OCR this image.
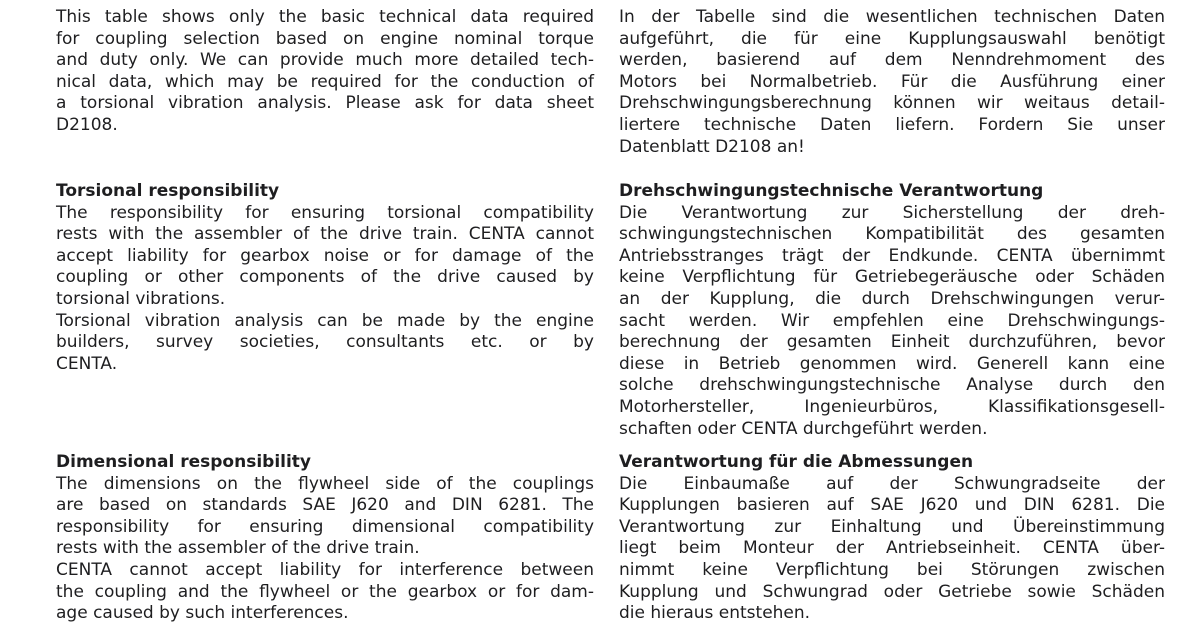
This table shows only the basic technical data required
for coupling selection based on engine nominal torque
and duty only. We can provide much more detailed tech-
nical data, which may be required for the conduction of
a torsional vibration analysis. Please ask for data sheet
D2108.
Torsional responsibility
The responsibility for ensuring torsional compatibility
rests with the assembler of the drive train. CENTA cannot
accept liability for gearbox noise or for damage of the
coupling or other components of the drive caused by
torsional vibrations.
Torsional vibration analysis can be made by the engine
builders, survey societies, consultants etc. or by
CENTA.
Dimensional responsibility
The dimensions on the flywheel side of the couplings
are based on standards SAE J620 and DIN 6281. The
responsibility for ensuring dimensional compatibility
rests with the assembler of the drive train.
CENTA cannot accept liability for interference between
the coupling and the flywheel or the gearbox or for dam-
age caused by such interferences.
In der Tabelle sind die wesentlichen technischen Daten
aufgeführt, die für eine Kupplungsauswahl benötigt
werden, basierend auf dem Nenndrehmoment des
Motors bei Normalbetrieb. Für die Ausführung einer
Drehschwingungsberechnung können wir weitaus detail-
liertere technische Daten liefern. Fordern Sie unser
Datenblatt D2108 an!
Drehschwingungstechnische Verantwortung
Die Verantwortung zur Sicherstellung der dreh-
schwingungstechnischen Kompatibilität des gesamten
Antriebsstranges trägt der Endkunde. CENTA übernimmt
keine Verpflichtung für Getriebegeräusche oder Schäden
an der Kupplung, die durch Drehschwingungen verur-
sacht werden. Wir empfehlen eine Drehschwingungs-
berechnung der gesamten Einheit durchzuführen, bevor
diese in Betrieb genommen wird. Generell kann eine
solche drehschwingungstechnische Analyse durch den
Motorhersteller, Ingenieurbüros, Klassifikationsgesell-
schaften oder CENTA durchgeführt werden.
Verantwortung für die Abmessungen
Die Einbaumaße auf der Schwungradseite der
Kupplungen basieren auf SAE J620 und DIN 6281. Die
Verantwortung zur Einhaltung und Übereinstimmung
liegt beim Monteur der Antriebseinheit. CENTA über-
nimmt keine Verpflichtung bei Störungen zwischen
Kupplung und Schwungrad oder Getriebe sowie Schäden
die hieraus entstehen.
